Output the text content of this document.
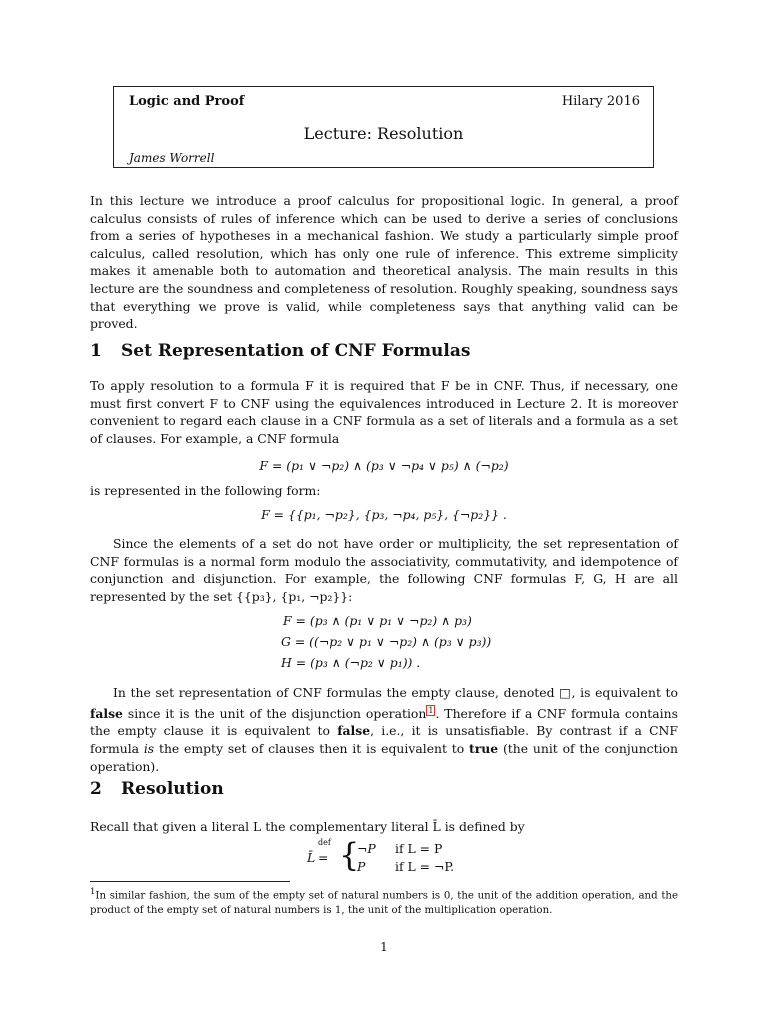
Logic and Proof	Hilary 2016
Lecture: Resolution
James Worrell

In this lecture we introduce a proof calculus for propositional logic. In general, a proof calculus consists of rules of inference which can be used to derive a series of conclusions from a series of hypotheses in a mechanical fashion. We study a particularly simple proof calculus, called resolution, which has only one rule of inference. This extreme simplicity makes it amenable both to automation and theoretical analysis. The main results in this lecture are the soundness and completeness of resolution. Roughly speaking, soundness says that everything we prove is valid, while completeness says that anything valid can be proved.

1 Set Representation of CNF Formulas

To apply resolution to a formula F it is required that F be in CNF. Thus, if necessary, one must first convert F to CNF using the equivalences introduced in Lecture 2. It is moreover convenient to regard each clause in a CNF formula as a set of literals and a formula as a set of clauses. For example, a CNF formula

F = (p₁ ∨ ¬p₂) ∧ (p₃ ∨ ¬p₄ ∨ p₅) ∧ (¬p₂)

is represented in the following form:

F = {{p₁, ¬p₂}, {p₃, ¬p₄, p₅}, {¬p₂}} .

Since the elements of a set do not have order or multiplicity, the set representation of CNF formulas is a normal form modulo the associativity, commutativity, and idempotence of conjunction and disjunction. For example, the following CNF formulas F, G, H are all represented by the set {{p₃}, {p₁, ¬p₂}}:

F = (p₃ ∧ (p₁ ∨ p₁ ∨ ¬p₂) ∧ p₃)
G = ((¬p₂ ∨ p₁ ∨ ¬p₂) ∧ (p₃ ∨ p₃))
H = (p₃ ∧ (¬p₂ ∨ p₁)) .

In the set representation of CNF formulas the empty clause, denoted □, is equivalent to false since it is the unit of the disjunction operation $^1$ . Therefore if a CNF formula contains the empty clause it is equivalent to false, i.e., it is unsatisfiable. By contrast if a CNF formula is the empty set of clauses then it is equivalent to true (the unit of the conjunction operation).

2 Resolution

Recall that given a literal L the complementary literal L̄ is defined by

L̄
def
= {
¬P if L = P
P if L = ¬P.
$^1$In similar fashion, the sum of the empty set of natural numbers is 0, the unit of the addition operation, and the product of the empty set of natural numbers is 1, the unit of the multiplication operation.
1
